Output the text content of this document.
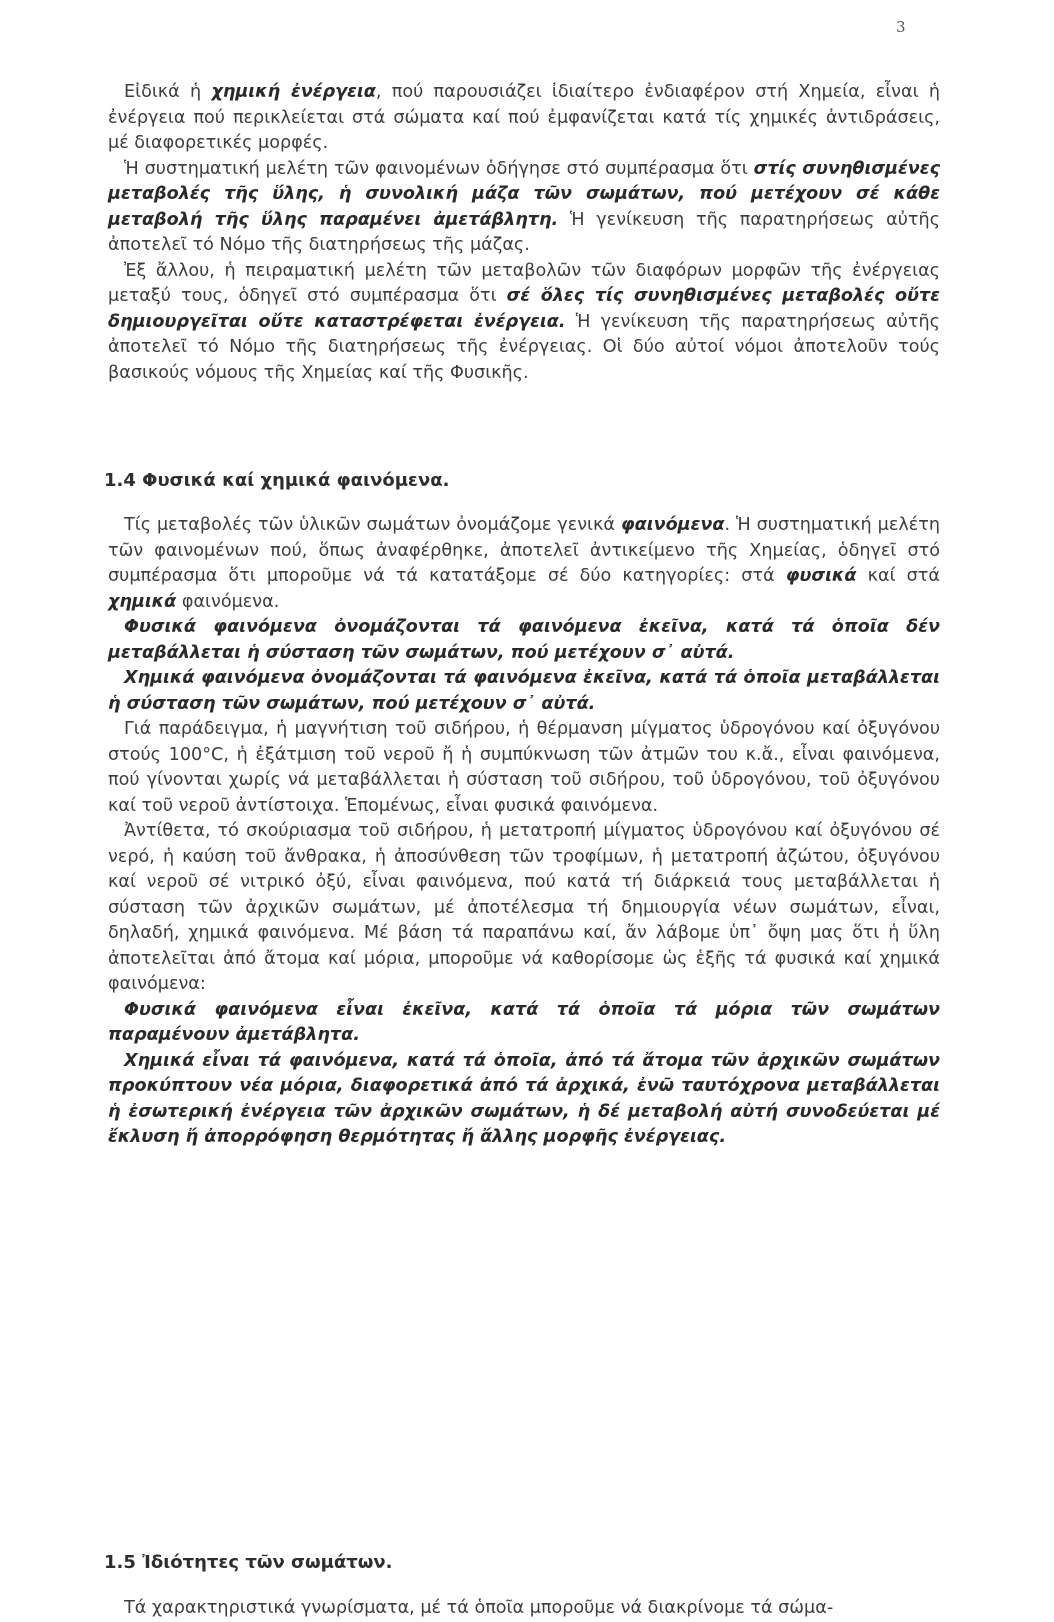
3

Εἰδικά ἡ χημική ἐνέργεια, πού παρουσιάζει ἰδιαίτερο ἐνδιαφέρον στή Χημεία, εἶναι ἡ ἐνέργεια πού περικλείεται στά σώματα καί πού ἐμφανίζεται κατά τίς χημικές ἀντιδράσεις, μέ διαφορετικές μορφές.

Ἡ συστηματική μελέτη τῶν φαινομένων ὁδήγησε στό συμπέρασμα ὅτι στίς συνηθισμένες μεταβολές τῆς ὕλης, ἡ συνολική μάζα τῶν σωμάτων, πού μετέχουν σέ κάθε μεταβολή τῆς ὕλης παραμένει ἀμετάβλητη. Ἡ γενίκευση τῆς παρατηρήσεως αὐτῆς ἀποτελεῖ τό Νόμο τῆς διατηρήσεως τῆς μάζας.

Ἐξ ἄλλου, ἡ πειραματική μελέτη τῶν μεταβολῶν τῶν διαφόρων μορφῶν τῆς ἐνέργειας μεταξύ τους, ὁδηγεῖ στό συμπέρασμα ὅτι σέ ὅλες τίς συνηθισμένες μεταβολές οὔτε δημιουργεῖται οὔτε καταστρέφεται ἐνέργεια. Ἡ γενίκευση τῆς παρατηρήσεως αὐτῆς ἀποτελεῖ τό Νόμο τῆς διατηρήσεως τῆς ἐνέργειας. Οἱ δύο αὐτοί νόμοι ἀποτελοῦν τούς βασικούς νόμους τῆς Χημείας καί τῆς Φυσικῆς.

1.4 Φυσικά καί χημικά φαινόμενα.

Τίς μεταβολές τῶν ὑλικῶν σωμάτων ὀνομάζομε γενικά φαινόμενα. Ἡ συστηματική μελέτη τῶν φαινομένων πού, ὅπως ἀναφέρθηκε, ἀποτελεῖ ἀντικείμενο τῆς Χημείας, ὁδηγεῖ στό συμπέρασμα ὅτι μποροῦμε νά τά κατατάξομε σέ δύο κατηγορίες: στά φυσικά καί στά χημικά φαινόμενα.

Φυσικά φαινόμενα ὀνομάζονται τά φαινόμενα ἐκεῖνα, κατά τά ὁποῖα δέν μεταβάλλεται ἡ σύσταση τῶν σωμάτων, πού μετέχουν σ᾽ αὐτά.

Χημικά φαινόμενα ὀνομάζονται τά φαινόμενα ἐκεῖνα, κατά τά ὁποῖα μεταβάλλεται ἡ σύσταση τῶν σωμάτων, πού μετέχουν σ᾽ αὐτά.

Γιά παράδειγμα, ἡ μαγνήτιση τοῦ σιδήρου, ἡ θέρμανση μίγματος ὑδρογόνου καί ὀξυγόνου στούς 100°C, ἡ ἐξάτμιση τοῦ νεροῦ ἤ ἡ συμπύκνωση τῶν ἀτμῶν του κ.ἄ., εἶναι φαινόμενα, πού γίνονται χωρίς νά μεταβάλλεται ἡ σύσταση τοῦ σιδήρου, τοῦ ὑδρογόνου, τοῦ ὀξυγόνου καί τοῦ νεροῦ ἀντίστοιχα. Ἑπομένως, εἶναι φυσικά φαινόμενα.

Ἀντίθετα, τό σκούριασμα τοῦ σιδήρου, ἡ μετατροπή μίγματος ὑδρογόνου καί ὀξυγόνου σέ νερό, ἡ καύση τοῦ ἄνθρακα, ἡ ἀποσύνθεση τῶν τροφίμων, ἡ μετατροπή ἀζώτου, ὀξυγόνου καί νεροῦ σέ νιτρικό ὀξύ, εἶναι φαινόμενα, πού κατά τή διάρκειά τους μεταβάλλεται ἡ σύσταση τῶν ἀρχικῶν σωμάτων, μέ ἀποτέλεσμα τή δημιουργία νέων σωμάτων, εἶναι, δηλαδή, χημικά φαινόμενα. Μέ βάση τά παραπάνω καί, ἄν λάβομε ὑπ᾽ ὄψη μας ὅτι ἡ ὕλη ἀποτελεῖται ἀπό ἄτομα καί μόρια, μποροῦμε νά καθορίσομε ὡς ἑξῆς τά φυσικά καί χημικά φαινόμενα:

Φυσικά φαινόμενα εἶναι ἐκεῖνα, κατά τά ὁποῖα τά μόρια τῶν σωμάτων παραμένουν ἀμετάβλητα.

Χημικά εἶναι τά φαινόμενα, κατά τά ὁποῖα, ἀπό τά ἄτομα τῶν ἀρχικῶν σωμάτων προκύπτουν νέα μόρια, διαφορετικά ἀπό τά ἀρχικά, ἐνῶ ταυτόχρονα μεταβάλλεται ἡ ἐσωτερική ἐνέργεια τῶν ἀρχικῶν σωμάτων, ἡ δέ μεταβολή αὐτή συνοδεύεται μέ ἔκλυση ἤ ἀπορρόφηση θερμότητας ἤ ἄλλης μορφῆς ἐνέργειας.

1.5 Ἰδιότητες τῶν σωμάτων.

Τά χαρακτηριστικά γνωρίσματα, μέ τά ὁποῖα μποροῦμε νά διακρίνομε τά σώμα-
